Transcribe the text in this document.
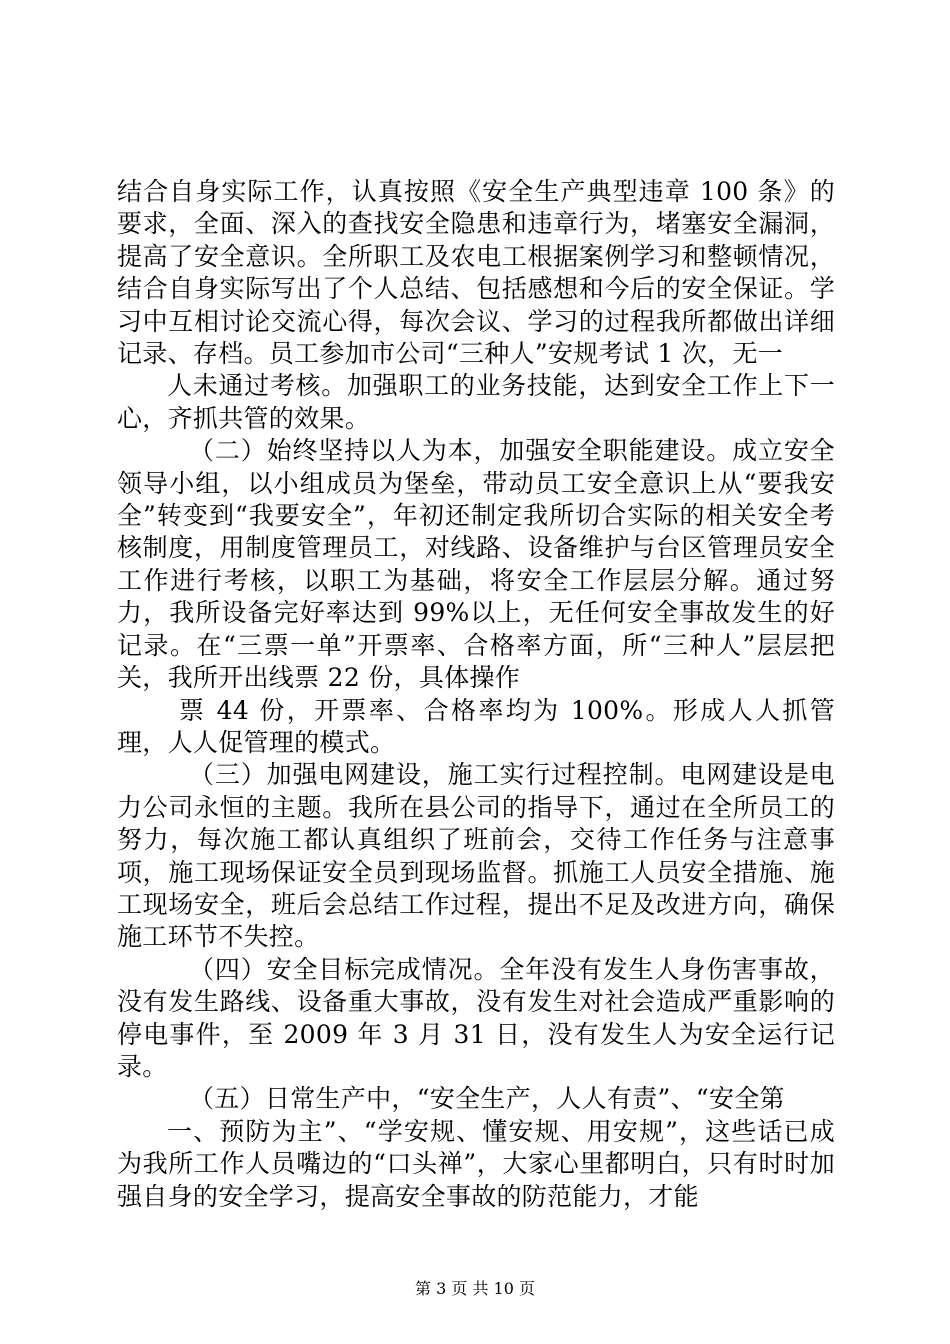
结合自身实际工作，认真按照《安全生产典型违章 100 条》的要求，全面、深入的查找安全隐患和违章行为，堵塞安全漏洞，提高了安全意识。全所职工及农电工根据案例学习和整顿情况，结合自身实际写出了个人总结、包括感想和今后的安全保证。学习中互相讨论交流心得，每次会议、学习的过程我所都做出详细记录、存档。员工参加市公司“三种人”安规考试 1 次，无一

人未通过考核。加强职工的业务技能，达到安全工作上下一心，齐抓共管的效果。

（二）始终坚持以人为本，加强安全职能建设。成立安全领导小组，以小组成员为堡垒，带动员工安全意识上从“要我安全”转变到“我要安全”，年初还制定我所切合实际的相关安全考核制度，用制度管理员工，对线路、设备维护与台区管理员安全工作进行考核，以职工为基础，将安全工作层层分解。通过努力，我所设备完好率达到 99%以上，无任何安全事故发生的好记录。在“三票一单”开票率、合格率方面，所“三种人”层层把关，我所开出线票 22 份，具体操作

票 44 份，开票率、合格率均为 100%。形成人人抓管理，人人促管理的模式。

（三）加强电网建设，施工实行过程控制。电网建设是电力公司永恒的主题。我所在县公司的指导下，通过在全所员工的努力，每次施工都认真组织了班前会，交待工作任务与注意事项，施工现场保证安全员到现场监督。抓施工人员安全措施、施工现场安全，班后会总结工作过程，提出不足及改进方向，确保施工环节不失控。

（四）安全目标完成情况。全年没有发生人身伤害事故，没有发生路线、设备重大事故，没有发生对社会造成严重影响的停电事件，至 2009 年 3 月 31 日，没有发生人为安全运行记录。

（五）日常生产中，“安全生产，人人有责”、“安全第

一、预防为主”、“学安规、懂安规、用安规”，这些话已成为我所工作人员嘴边的“口头禅”，大家心里都明白，只有时时加强自身的安全学习，提高安全事故的防范能力，才能

第 3 页 共 10 页
